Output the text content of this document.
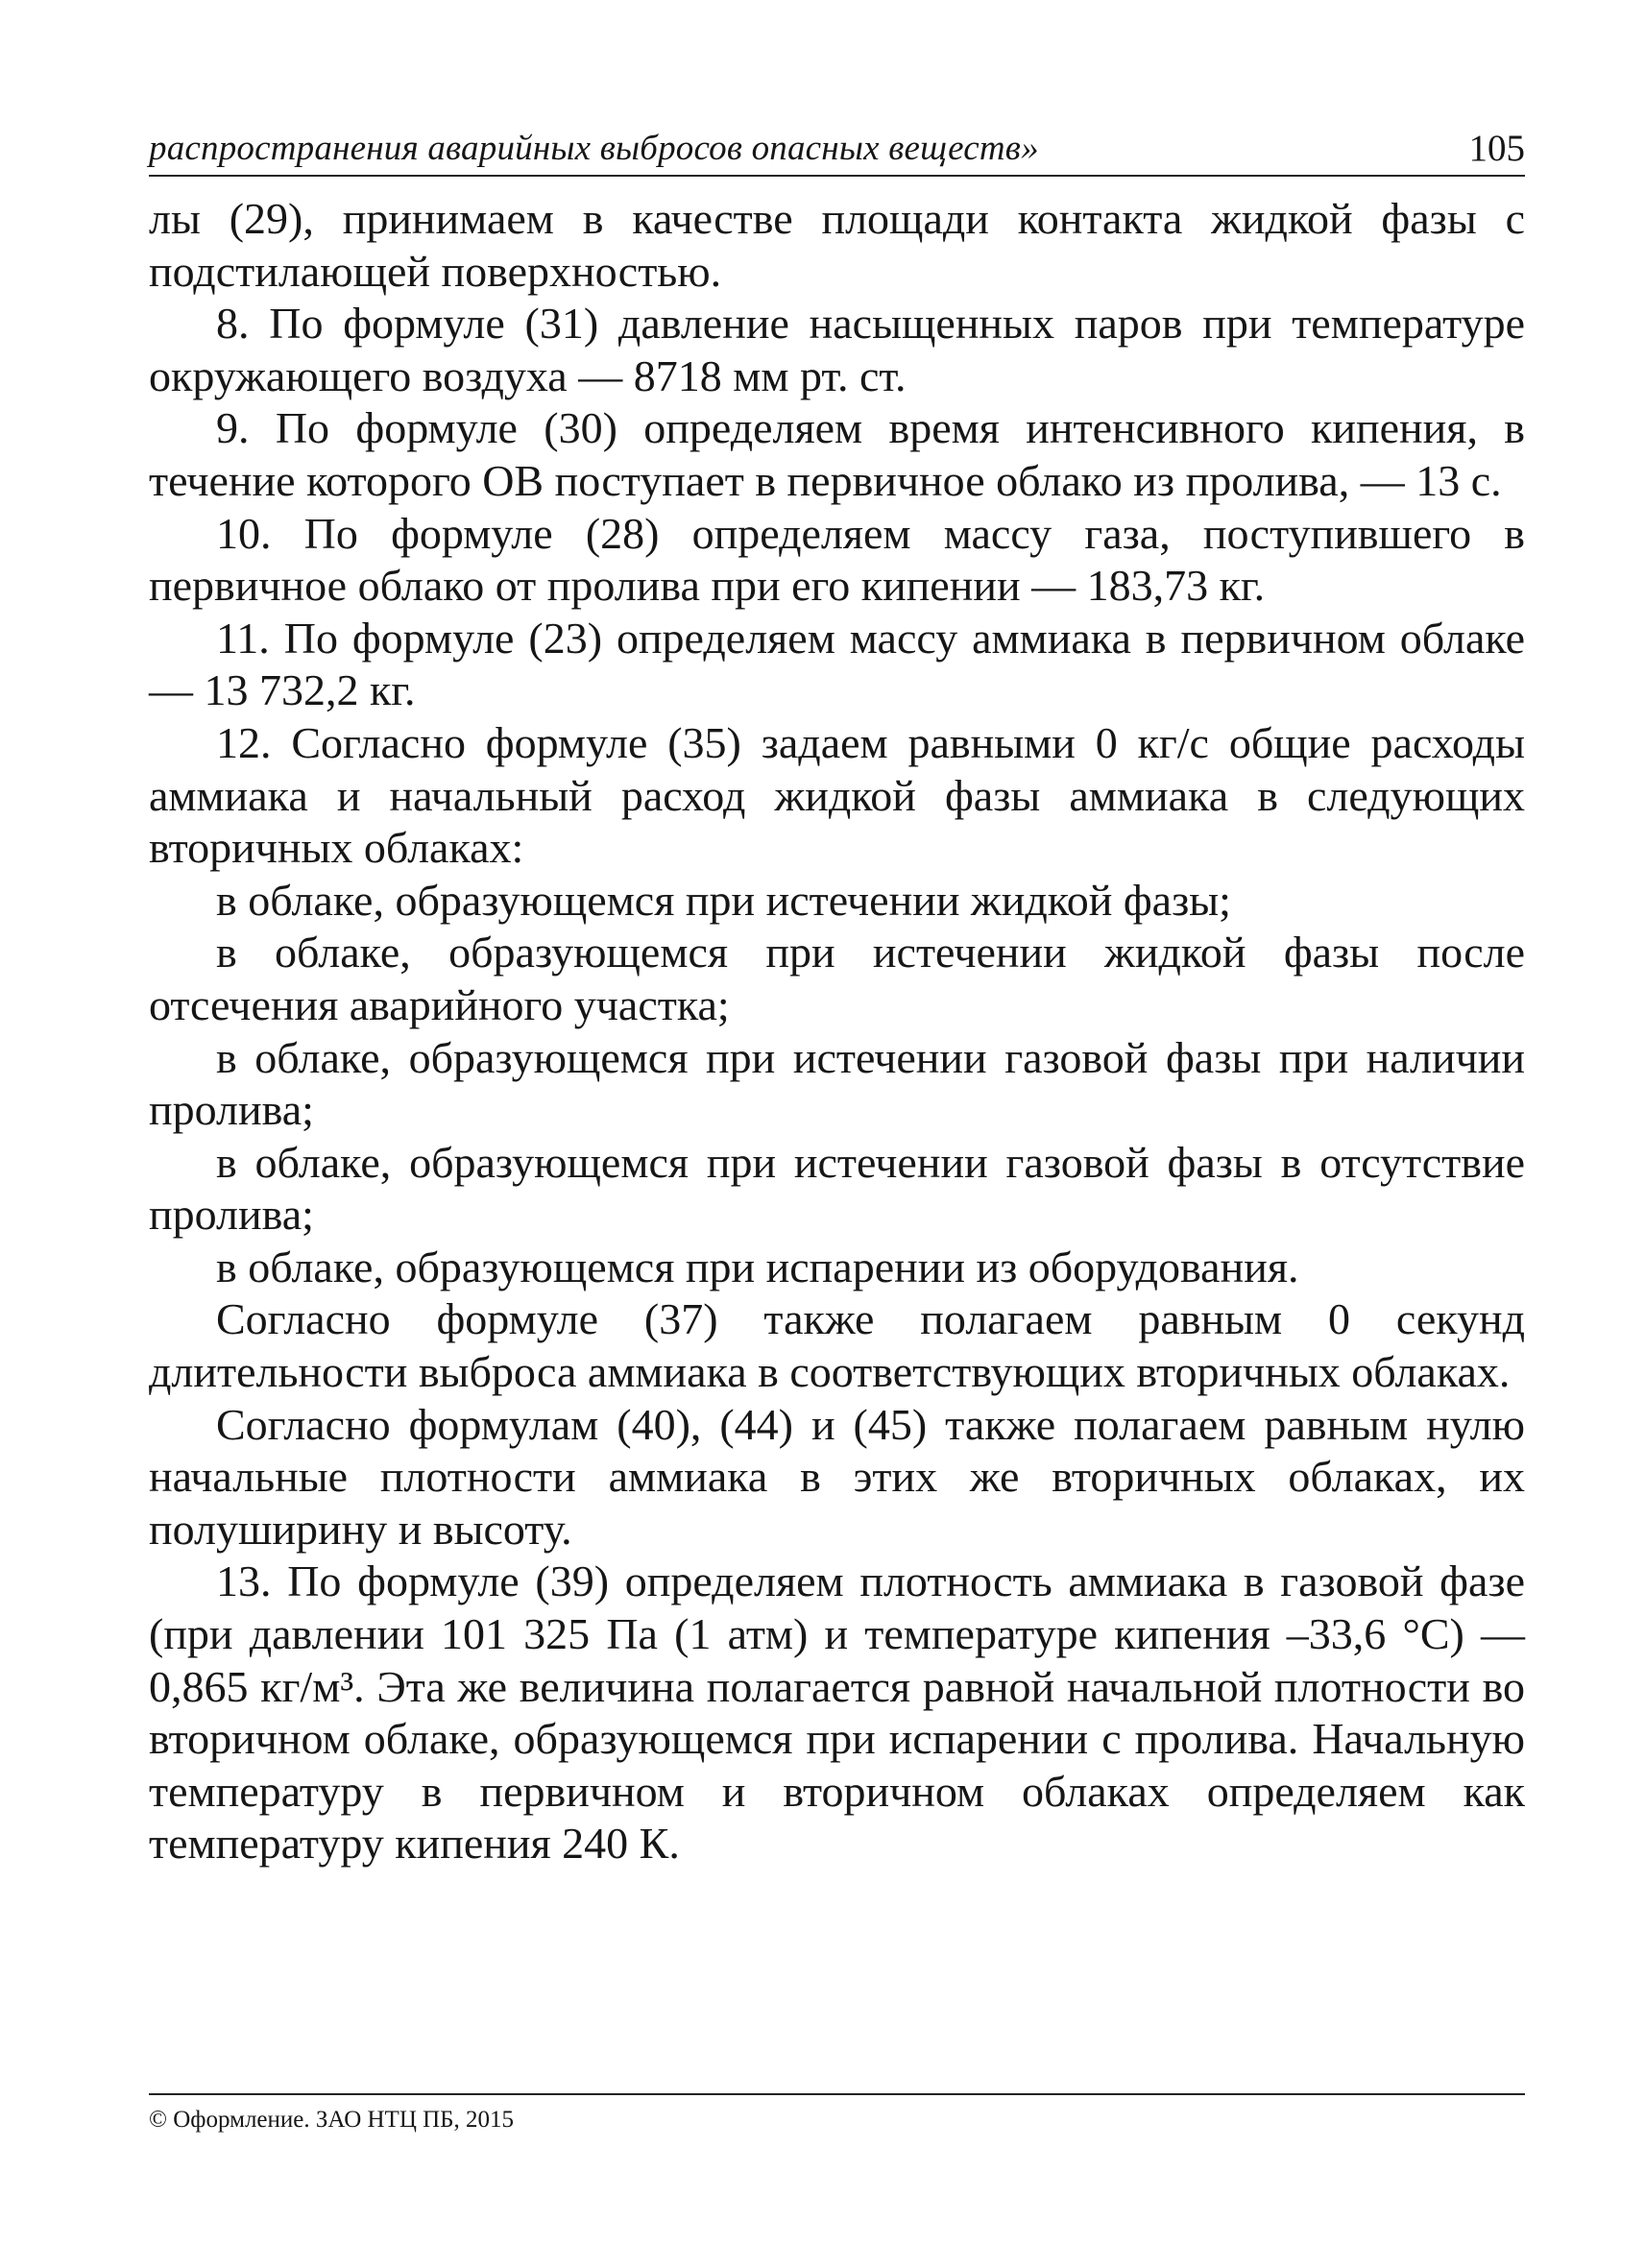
распространения аварийных выбросов опасных веществ»	105

лы (29), принимаем в качестве площади контакта жидкой фазы с подстилающей поверхностью.

8. По формуле (31) давление насыщенных паров при температуре окружающего воздуха — 8718 мм рт. ст.

9. По формуле (30) определяем время интенсивного кипения, в течение которого ОВ поступает в первичное облако из пролива, — 13 с.

10. По формуле (28) определяем массу газа, поступившего в первичное облако от пролива при его кипении — 183,73 кг.

11. По формуле (23) определяем массу аммиака в первичном облаке — 13 732,2 кг.

12. Согласно формуле (35) задаем равными 0 кг/с общие расходы аммиака и начальный расход жидкой фазы аммиака в следующих вторичных облаках:

в облаке, образующемся при истечении жидкой фазы;

в облаке, образующемся при истечении жидкой фазы после отсечения аварийного участка;

в облаке, образующемся при истечении газовой фазы при наличии пролива;

в облаке, образующемся при истечении газовой фазы в отсутствие пролива;

в облаке, образующемся при испарении из оборудования.

Согласно формуле (37) также полагаем равным 0 секунд длительности выброса аммиака в соответствующих вторичных облаках.

Согласно формулам (40), (44) и (45) также полагаем равным нулю начальные плотности аммиака в этих же вторичных облаках, их полуширину и высоту.

13. По формуле (39) определяем плотность аммиака в газовой фазе (при давлении 101 325 Па (1 атм) и температуре кипения –33,6 °С) — 0,865 кг/м³. Эта же величина полагается равной начальной плотности во вторичном облаке, образующемся при испарении с пролива. Начальную температуру в первичном и вторичном облаках определяем как температуру кипения 240 К.

© Оформление. ЗАО НТЦ ПБ, 2015
